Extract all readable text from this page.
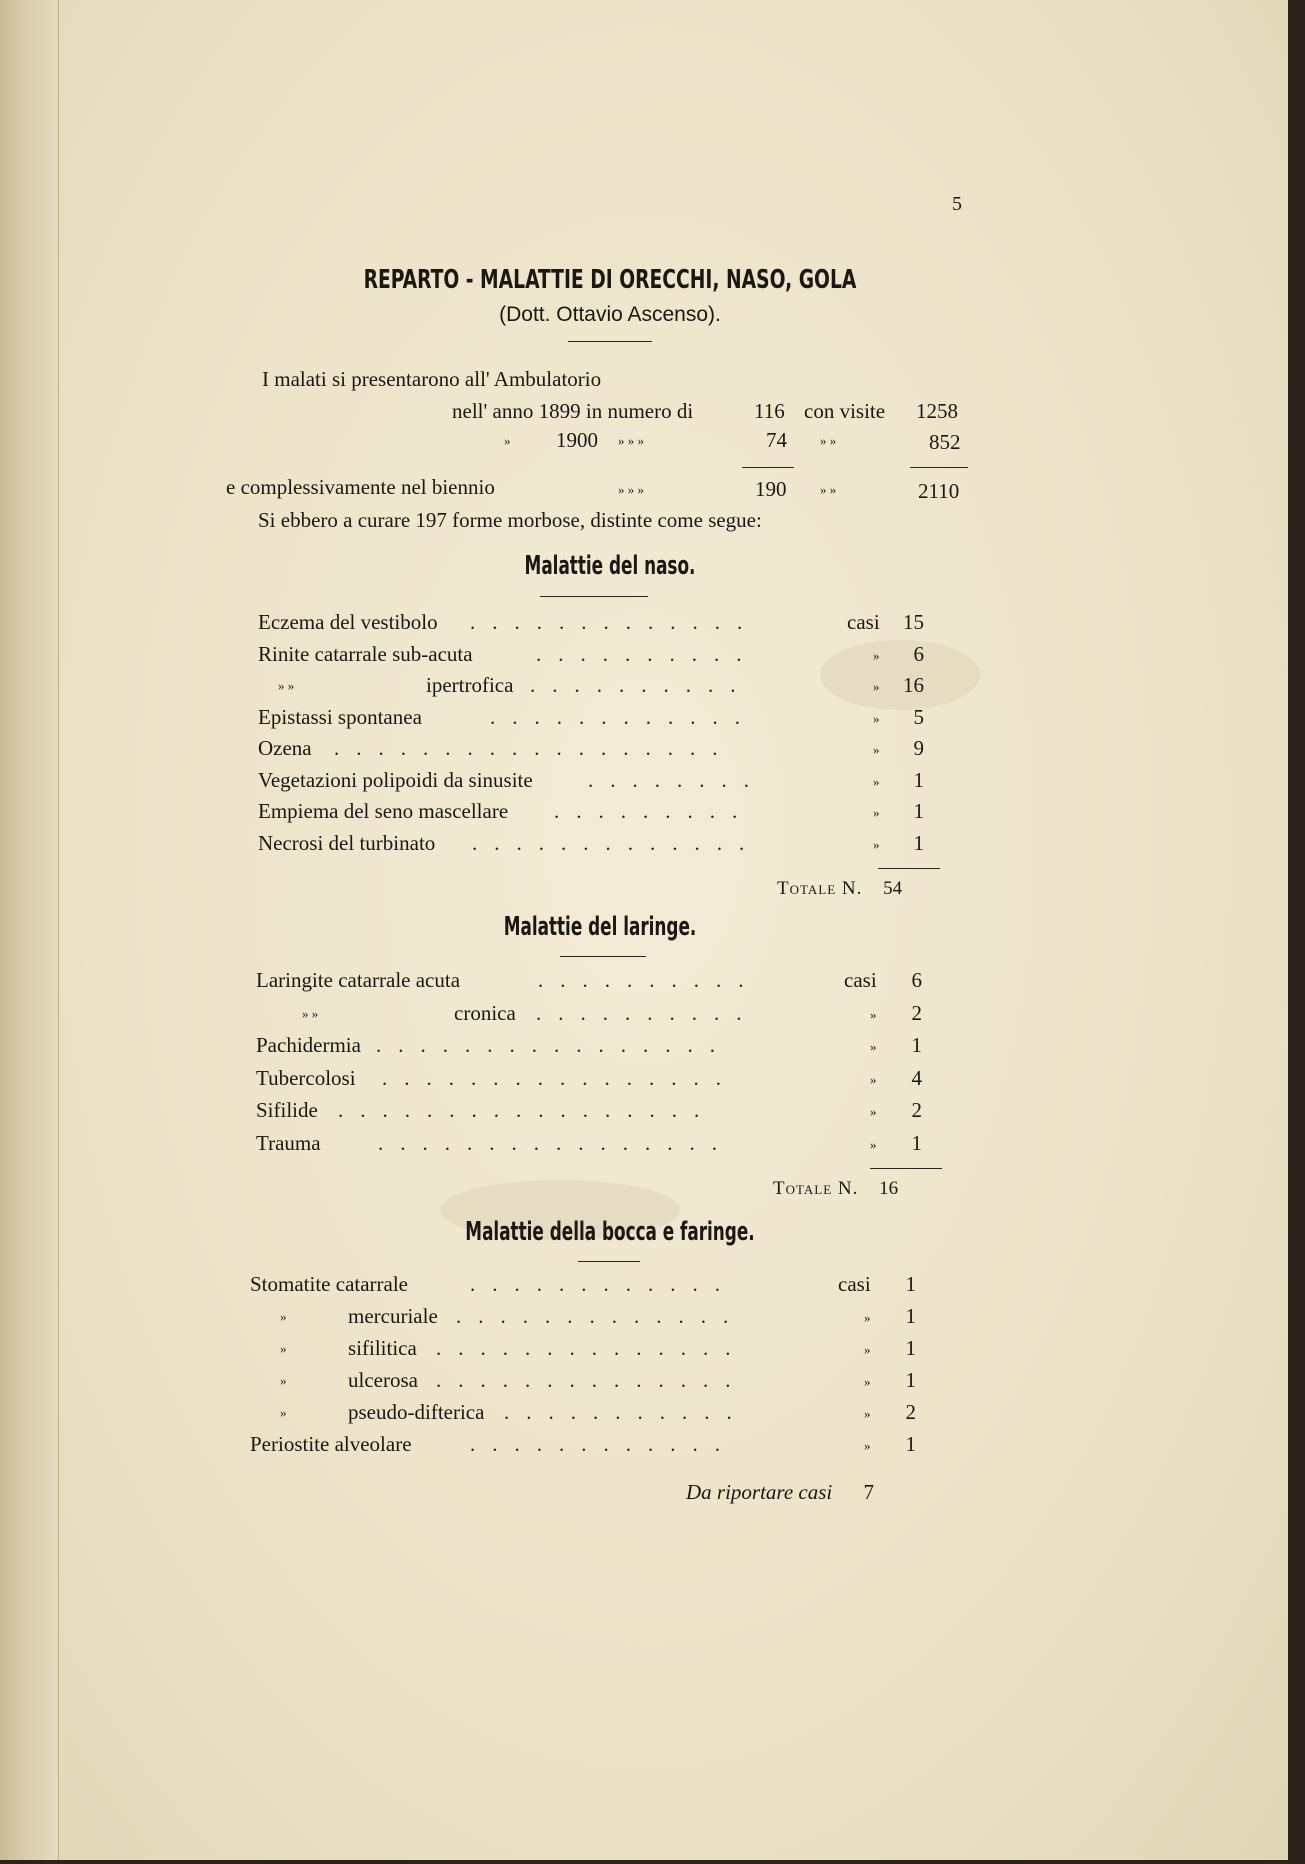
5
REPARTO - MALATTIE DI ORECCHI, NASO, GOLA
(Dott. Ottavio Ascenso).
I malati si presentarono all' Ambulatorio
nell' anno 1899 in numero di	116 con visite 1258
» 1900 » » »	74	» »	852
e complessivamente nel biennio	» » »	190	» »	2110
Si ebbero a curare 197 forme morbose, distinte come segue:
Malattie del naso.
Eczema del vestibolo .............	casi	15
Rinite catarrale sub-acuta	..........	»	6
» »	ipertrofica ..........	»	16
Epistassi spontanea	............	»	5
Ozena ..................	»	9
Vegetazioni polipoidi da sinusite	........	»	1
Empiema del seno mascellare .........	»	1
Necrosi del turbinato .............	»	1
Totale N. 54
Malattie del laringe.
Laringite catarrale acuta	..........	casi	6
» »	cronica ..........	»	2
Pachidermia ................	»	1
Tubercolosi ................	»	4
Sifilide .................	»	2
Trauma	................	»	1
Totale N. 16
Malattie della bocca e faringe.
Stomatite catarrale	............	casi	1
»	mercuriale .............	»	1
»	sifilitica ..............	»	1
»	ulcerosa ..............	»	1
»	pseudo-difterica ...........	»	2
Periostite alveolare	............	»	1
Da riportare casi 7
